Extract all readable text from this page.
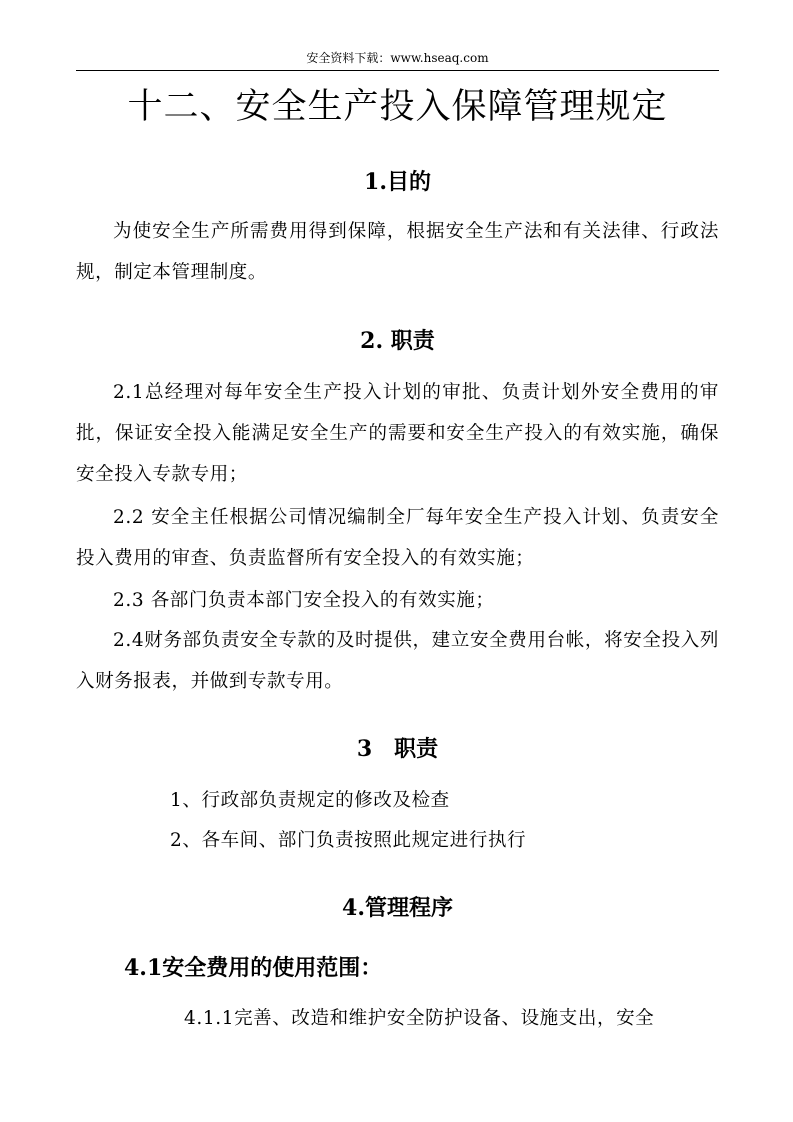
安全资料下载：www.hseaq.com
十二、安全生产投入保障管理规定
1.目的

为使安全生产所需费用得到保障，根据安全生产法和有关法律、行政法规，制定本管理制度。

2. 职责

2.1总经理对每年安全生产投入计划的审批、负责计划外安全费用的审批，保证安全投入能满足安全生产的需要和安全生产投入的有效实施，确保安全投入专款专用；

2.2 安全主任根据公司情况编制全厂每年安全生产投入计划、负责安全投入费用的审查、负责监督所有安全投入的有效实施；

2.3 各部门负责本部门安全投入的有效实施；

2.4财务部负责安全专款的及时提供，建立安全费用台帐，将安全投入列入财务报表，并做到专款专用。

3　职责

1、行政部负责规定的修改及检查

2、各车间、部门负责按照此规定进行执行

4.管理程序
4.1安全费用的使用范围：

4.1.1完善、改造和维护安全防护设备、设施支出，安全
